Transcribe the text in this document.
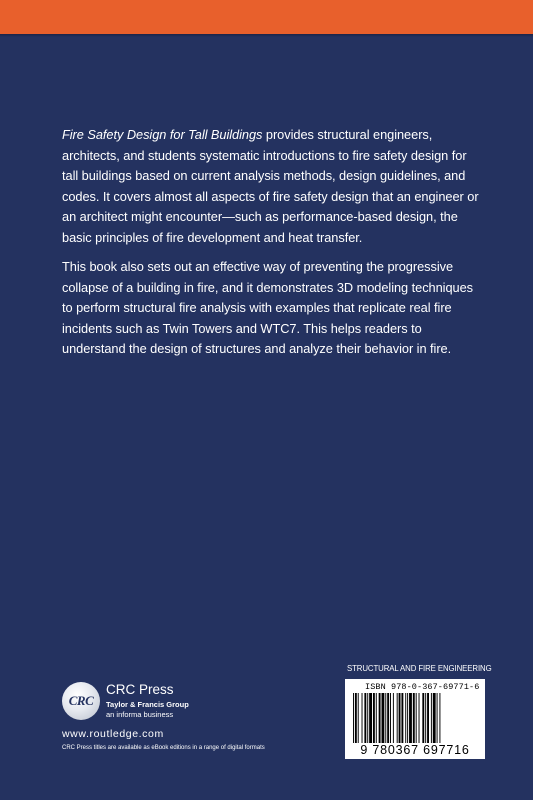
Fire Safety Design for Tall Buildings provides structural engineers, architects, and students systematic introductions to fire safety design for tall buildings based on current analysis methods, design guidelines, and codes. It covers almost all aspects of fire safety design that an engineer or an architect might encounter—such as performance-based design, the basic principles of fire development and heat transfer.

This book also sets out an effective way of preventing the progressive collapse of a building in fire, and it demonstrates 3D modeling techniques to perform structural fire analysis with examples that replicate real fire incidents such as Twin Towers and WTC7. This helps readers to understand the design of structures and analyze their behavior in fire.

CRC
CRC Press
Taylor & Francis Group
an informa business
www.routledge.com
CRC Press titles are available as eBook editions in a range of digital formats
STRUCTURAL AND FIRE ENGINEERING
ISBN 978-0-367-69771-6
9 780367 697716
